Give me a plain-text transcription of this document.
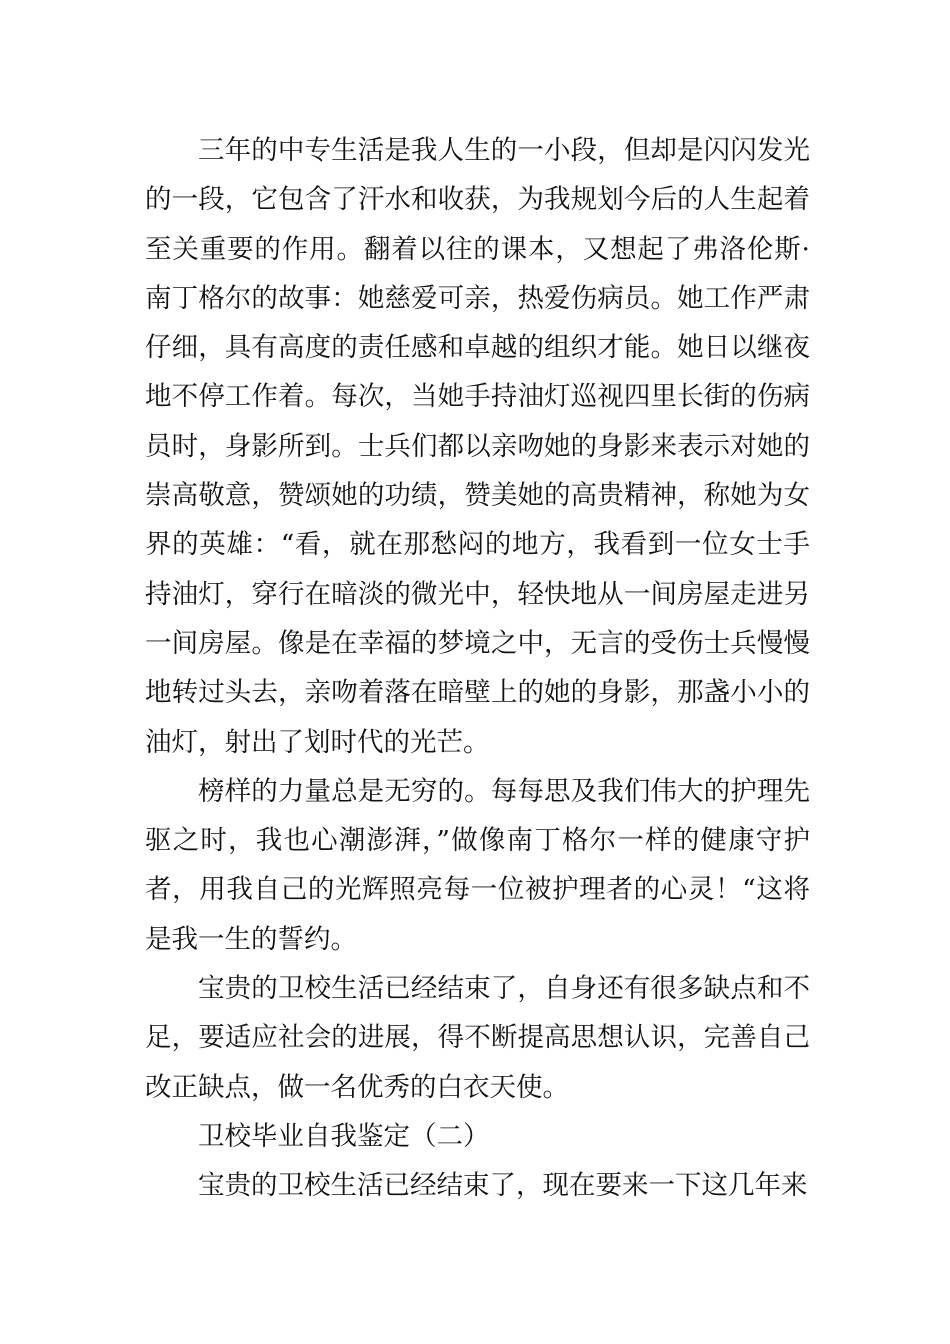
三年的中专生活是我人生的一小段，但却是闪闪发光的一段，它包含了汗水和收获，为我规划今后的人生起着至关重要的作用。翻着以往的课本，又想起了弗洛伦斯·南丁格尔的故事：她慈爱可亲，热爱伤病员。她工作严肃仔细，具有高度的责任感和卓越的组织才能。她日以继夜地不停工作着。每次，当她手持油灯巡视四里长街的伤病员时，身影所到。士兵们都以亲吻她的身影来表示对她的崇高敬意，赞颂她的功绩，赞美她的高贵精神，称她为女界的英雄：“看，就在那愁闷的地方，我看到一位女士手持油灯，穿行在暗淡的微光中，轻快地从一间房屋走进另一间房屋。像是在幸福的梦境之中，无言的受伤士兵慢慢地转过头去，亲吻着落在暗壁上的她的身影，那盏小小的油灯，射出了划时代的光芒。

榜样的力量总是无穷的。每每思及我们伟大的护理先驱之时，我也心潮澎湃，”做像南丁格尔一样的健康守护者，用我自己的光辉照亮每一位被护理者的心灵！“这将是我一生的誓约。

宝贵的卫校生活已经结束了，自身还有很多缺点和不足，要适应社会的进展，得不断提高思想认识，完善自己改正缺点，做一名优秀的白衣天使。

卫校毕业自我鉴定（二）

宝贵的卫校生活已经结束了，现在要来一下这几年来
